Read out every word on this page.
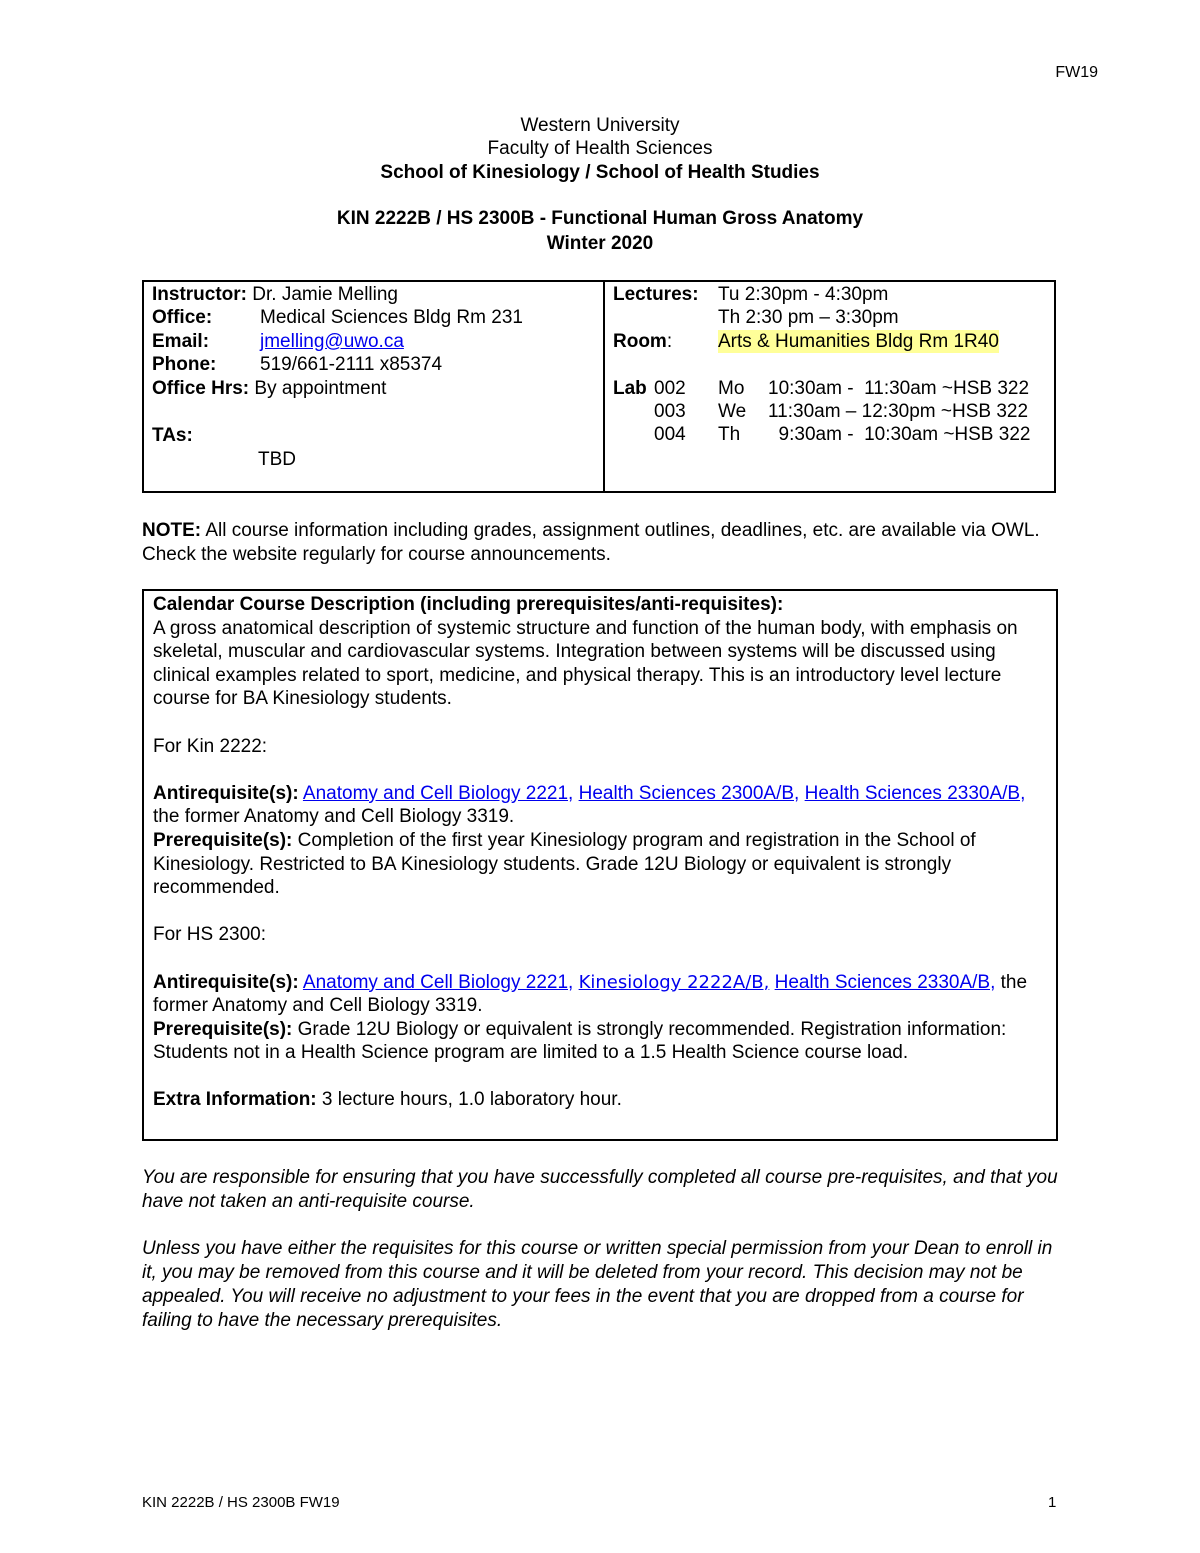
FW19
Western University
Faculty of Health Sciences
School of Kinesiology / School of Health Studies
KIN 2222B / HS 2300B - Functional Human Gross Anatomy
Winter 2020
Instructor: Dr. Jamie Melling
Office:	Medical Sciences Bldg Rm 231
Email:	jmelling@uwo.ca
Phone: 519/661-2111 x85374
Office Hrs: By appointment
TAs:
TBD
Lectures: Tu 2:30pm - 4:30pm
Th 2:30 pm – 3:30pm
Room: Arts & Humanities Bldg Rm 1R40
Lab 002 Mo 10:30am -  11:30am ~HSB 322
003 We 11:30am – 12:30pm ~HSB 322
004 Th 9:30am -  10:30am ~HSB 322
NOTE: All course information including grades, assignment outlines, deadlines, etc. are available via OWL. Check the website regularly for course announcements.

Calendar Course Description (including prerequisites/anti-requisites):

A gross anatomical description of systemic structure and function of the human body, with emphasis on skeletal, muscular and cardiovascular systems. Integration between systems will be discussed using clinical examples related to sport, medicine, and physical therapy. This is an introductory level lecture course for BA Kinesiology students.

For Kin 2222:

Antirequisite(s): Anatomy and Cell Biology 2221, Health Sciences 2300A/B, Health Sciences 2330A/B, the former Anatomy and Cell Biology 3319.

Prerequisite(s): Completion of the first year Kinesiology program and registration in the School of Kinesiology. Restricted to BA Kinesiology students. Grade 12U Biology or equivalent is strongly recommended.

For HS 2300:

Antirequisite(s): Anatomy and Cell Biology 2221, Kinesiology 2222A/B, Health Sciences 2330A/B, the former Anatomy and Cell Biology 3319.

Prerequisite(s): Grade 12U Biology or equivalent is strongly recommended. Registration information: Students not in a Health Science program are limited to a 1.5 Health Science course load.

Extra Information: 3 lecture hours, 1.0 laboratory hour.

You are responsible for ensuring that you have successfully completed all course pre-requisites, and that you have not taken an anti-requisite course.
Unless you have either the requisites for this course or written special permission from your Dean to enroll in it, you may be removed from this course and it will be deleted from your record. This decision may not be appealed. You will receive no adjustment to your fees in the event that you are dropped from a course for failing to have the necessary prerequisites.
KIN 2222B / HS 2300B FW19	1
